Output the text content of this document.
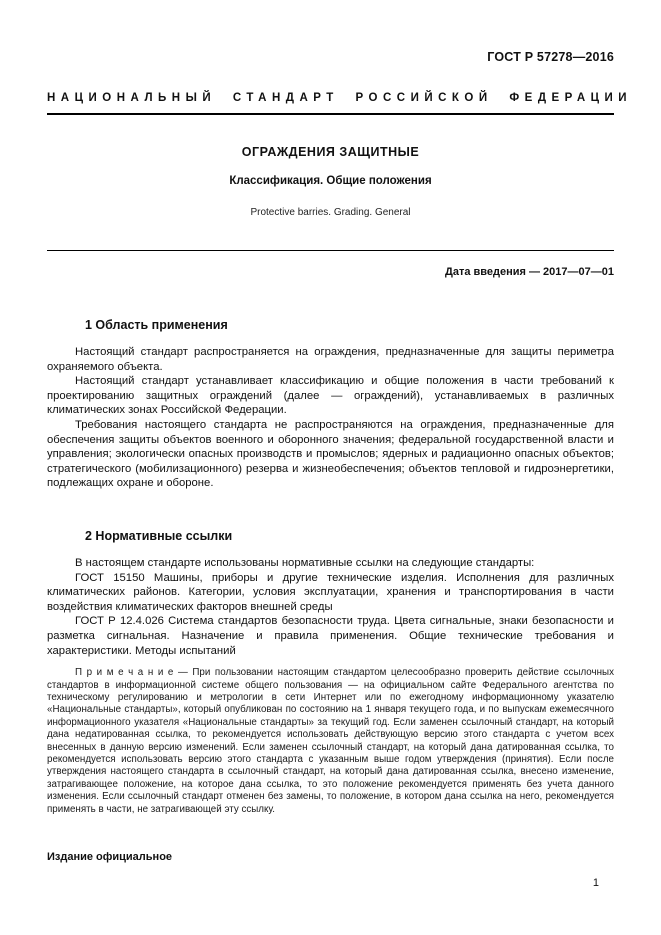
ГОСТ Р 57278—2016
НАЦИОНАЛЬНЫЙ СТАНДАРТ РОССИЙСКОЙ ФЕДЕРАЦИИ
ОГРАЖДЕНИЯ ЗАЩИТНЫЕ
Классификация. Общие положения
Protective barries. Grading. General
Дата введения — 2017—07—01
1 Область применения

Настоящий стандарт распространяется на ограждения, предназначенные для защиты периметра охраняемого объекта.

Настоящий стандарт устанавливает классификацию и общие положения в части требований к проектированию защитных ограждений (далее — ограждений), устанавливаемых в различных климатических зонах Российской Федерации.

Требования настоящего стандарта не распространяются на ограждения, предназначенные для обеспечения защиты объектов военного и оборонного значения; федеральной государственной власти и управления; экологически опасных производств и промыслов; ядерных и радиационно опасных объектов; стратегического (мобилизационного) резерва и жизнеобеспечения; объектов тепловой и гидроэнергетики, подлежащих охране и обороне.

2 Нормативные ссылки

В настоящем стандарте использованы нормативные ссылки на следующие стандарты:

ГОСТ 15150 Машины, приборы и другие технические изделия. Исполнения для различных климатических районов. Категории, условия эксплуатации, хранения и транспортирования в части воздействия климатических факторов внешней среды

ГОСТ Р 12.4.026 Система стандартов безопасности труда. Цвета сигнальные, знаки безопасности и разметка сигнальная. Назначение и правила применения. Общие технические требования и характеристики. Методы испытаний

П р и м е ч а н и е — При пользовании настоящим стандартом целесообразно проверить действие ссылочных стандартов в информационной системе общего пользования — на официальном сайте Федерального агентства по техническому регулированию и метрологии в сети Интернет или по ежегодному информационному указателю «Национальные стандарты», который опубликован по состоянию на 1 января текущего года, и по выпускам ежемесячного информационного указателя «Национальные стандарты» за текущий год. Если заменен ссылочный стандарт, на который дана недатированная ссылка, то рекомендуется использовать действующую версию этого стандарта с учетом всех внесенных в данную версию изменений. Если заменен ссылочный стандарт, на который дана датированная ссылка, то рекомендуется использовать версию этого стандарта с указанным выше годом утверждения (принятия). Если после утверждения настоящего стандарта в ссылочный стандарт, на который дана датированная ссылка, внесено изменение, затрагивающее положение, на которое дана ссылка, то это положение рекомендуется применять без учета данного изменения. Если ссылочный стандарт отменен без замены, то положение, в котором дана ссылка на него, рекомендуется применять в части, не затрагивающей эту ссылку.

Издание официальное
1
